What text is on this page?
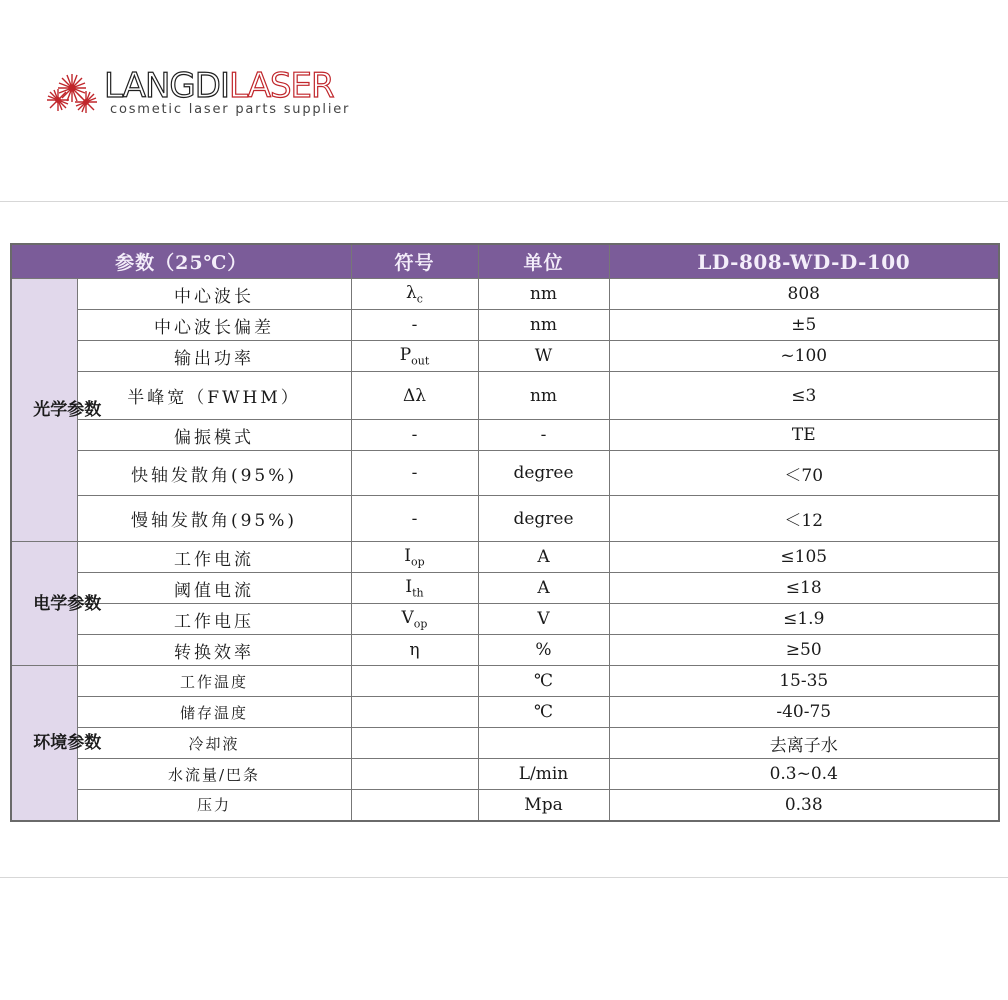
LANGDILASER
cosmetic laser parts supplier
参数（25℃）		符号	单位	LD-808-WD-D-100

光学参数	中心波长	$\lambda_c$	nm	808
	中心波长偏差	-	nm	±5
	输出功率	$P_{out}$	W	~100
	半峰宽（FWHM）	Δλ	nm	≤3
	偏振模式	-	-	TE
	快轴发散角(95%)	-	degree	＜70
	慢轴发散角(95%)	-	degree	＜12

电学参数	工作电流	$I_{op}$	A	≤105
	阈值电流	$I_{th}$	A	≤18
	工作电压	$V_{op}$	V	≤1.9
	转换效率	η	%	≥50

环境参数	工作温度		℃	15-35
	储存温度		℃	-40-75
	冷却液			去离子水
	水流量/巴条		L/min	0.3~0.4
	压力		Mpa	0.38
